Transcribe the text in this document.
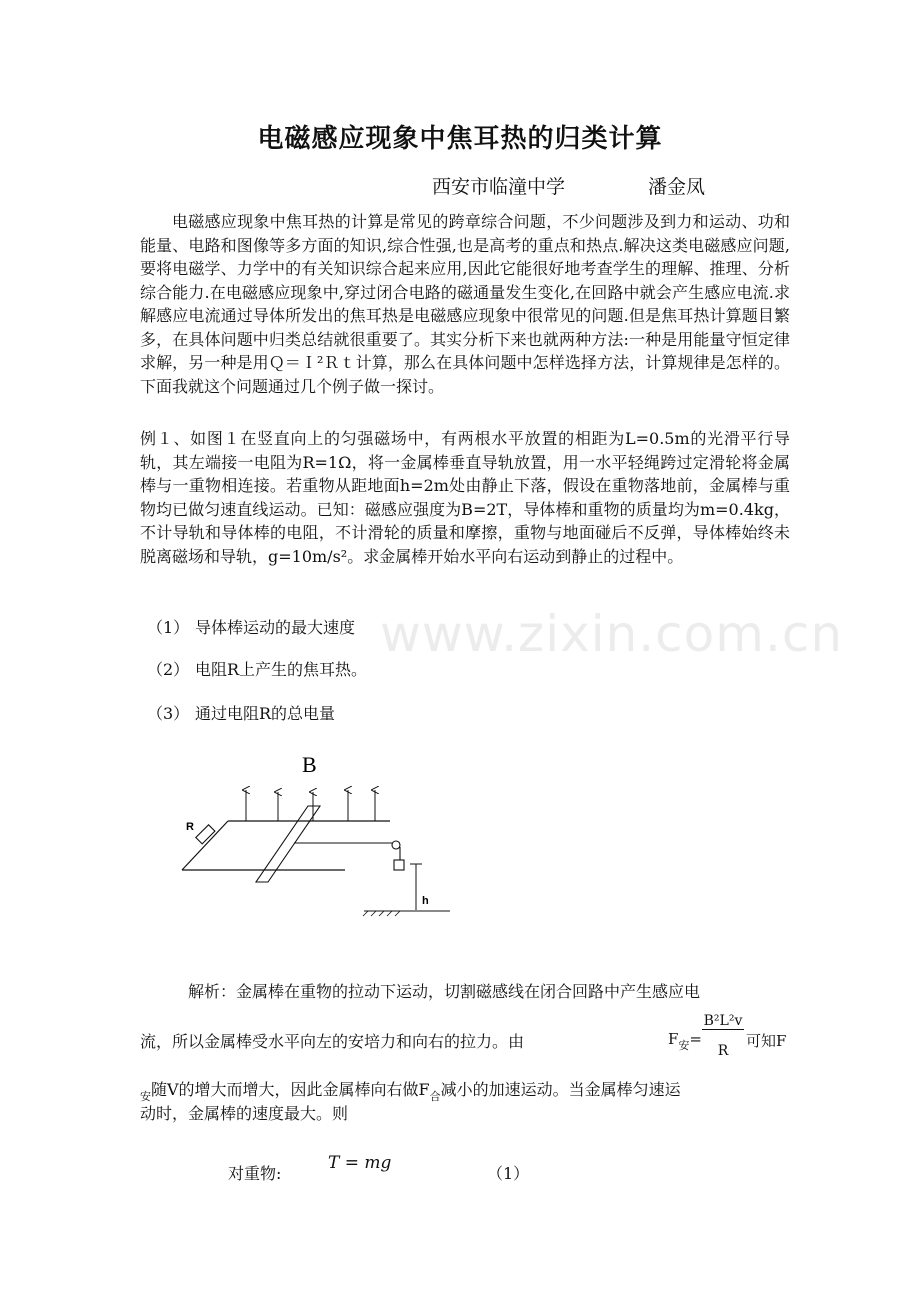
电磁感应现象中焦耳热的归类计算
西安市临潼中学	潘金凤
电磁感应现象中焦耳热的计算是常见的跨章综合问题，不少问题涉及到力和运动、功和能量、电路和图像等多方面的知识,综合性强,也是高考的重点和热点.解决这类电磁感应问题,要将电磁学、力学中的有关知识综合起来应用,因此它能很好地考查学生的理解、推理、分析综合能力.在电磁感应现象中,穿过闭合电路的磁通量发生变化,在回路中就会产生感应电流.求解感应电流通过导体所发出的焦耳热是电磁感应现象中很常见的问题.但是焦耳热计算题目繁多，在具体问题中归类总结就很重要了。其实分析下来也就两种方法:一种是用能量守恒定律求解，另一种是用Ｑ＝Ｉ²Ｒｔ计算，那么在具体问题中怎样选择方法，计算规律是怎样的。下面我就这个问题通过几个例子做一探讨。
例１、如图１在竖直向上的匀强磁场中，有两根水平放置的相距为L=0.5m的光滑平行导轨，其左端接一电阻为R=1Ω，将一金属棒垂直导轨放置，用一水平轻绳跨过定滑轮将金属棒与一重物相连接。若重物从距地面h=2m处由静止下落，假设在重物落地前，金属棒与重物均已做匀速直线运动。已知：磁感应强度为B=2T，导体棒和重物的质量均为m=0.4kg，不计导轨和导体棒的电阻，不计滑轮的质量和摩擦，重物与地面碰后不反弹，导体棒始终未脱离磁场和导轨，g=10m/s²。求金属棒开始水平向右运动到静止的过程中。
（1） 导体棒运动的最大速度
（2） 电阻R上产生的焦耳热。
（3） 通过电阻R的总电量
www.zixin.com.cn
B
R
h
解析：金属棒在重物的拉动下运动，切割磁感线在闭合回路中产生感应电
流，所以金属棒受水平向左的安培力和向右的拉力。由	$F_安=$
B²L²v
R
可知F
$_安$随V的增大而增大，因此金属棒向右做$F_合$减小的加速运动。当金属棒匀速运
动时，金属棒的速度最大。则
对重物:
T = mg
（1）
